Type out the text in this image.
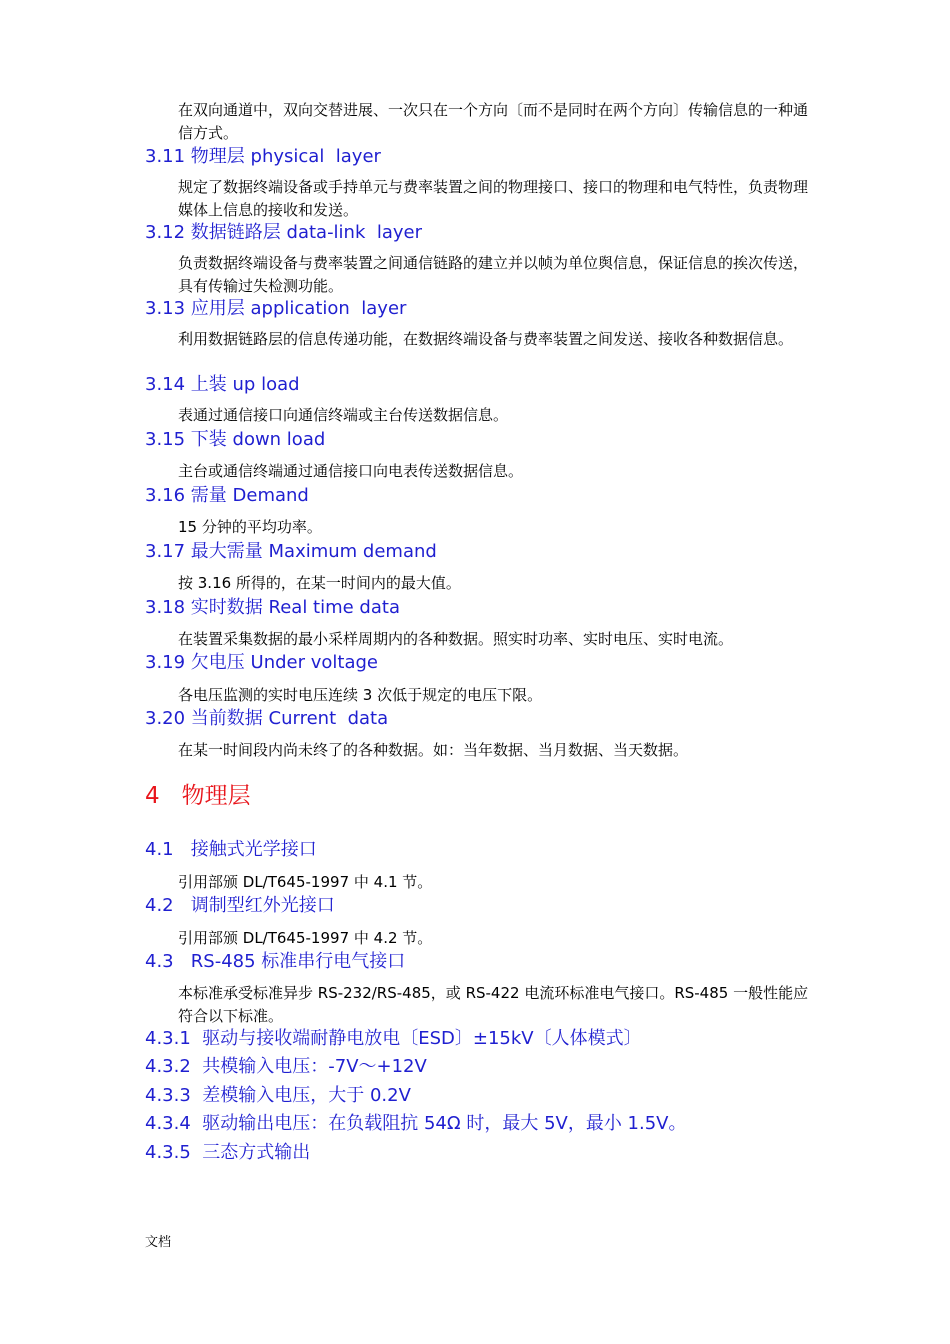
在双向通道中，双向交替进展、一次只在一个方向〔而不是同时在两个方向〕传输信息的一种通信方式。
3.11 物理层 physical  layer
规定了数据终端设备或手持单元与费率装置之间的物理接口、接口的物理和电气特性，负责物理媒体上信息的接收和发送。
3.12 数据链路层 data-link  layer
负责数据终端设备与费率装置之间通信链路的建立并以帧为单位舆信息，保证信息的挨次传送，具有传输过失检测功能。
3.13 应用层 application  layer
利用数据链路层的信息传递功能，在数据终端设备与费率装置之间发送、接收各种数据信息。
3.14 上装 up load
表通过通信接口向通信终端或主台传送数据信息。
3.15 下装 down load
主台或通信终端通过通信接口向电表传送数据信息。
3.16 需量 Demand
15 分钟的平均功率。
3.17 最大需量 Maximum demand
按 3.16 所得的，在某一时间内的最大值。
3.18 实时数据 Real time data
在装置采集数据的最小采样周期内的各种数据。照实时功率、实时电压、实时电流。
3.19 欠电压 Under voltage
各电压监测的实时电压连续 3 次低于规定的电压下限。
3.20 当前数据 Current  data
在某一时间段内尚未终了的各种数据。如：当年数据、当月数据、当天数据。
4   物理层
4.1   接触式光学接口
引用部颁 DL/T645-1997 中 4.1 节。
4.2   调制型红外光接口
引用部颁 DL/T645-1997 中 4.2 节。
4.3   RS-485 标准串行电气接口
本标准承受标准异步 RS-232/RS-485，或 RS-422 电流环标准电气接口。RS-485 一般性能应符合以下标准。
4.3.1  驱动与接收端耐静电放电〔ESD〕±15kV〔人体模式〕
4.3.2  共模输入电压：-7V～+12V
4.3.3  差模输入电压，大于 0.2V
4.3.4  驱动输出电压：在负载阻抗 54Ω 时，最大 5V，最小 1.5V。
4.3.5  三态方式输出
文档
